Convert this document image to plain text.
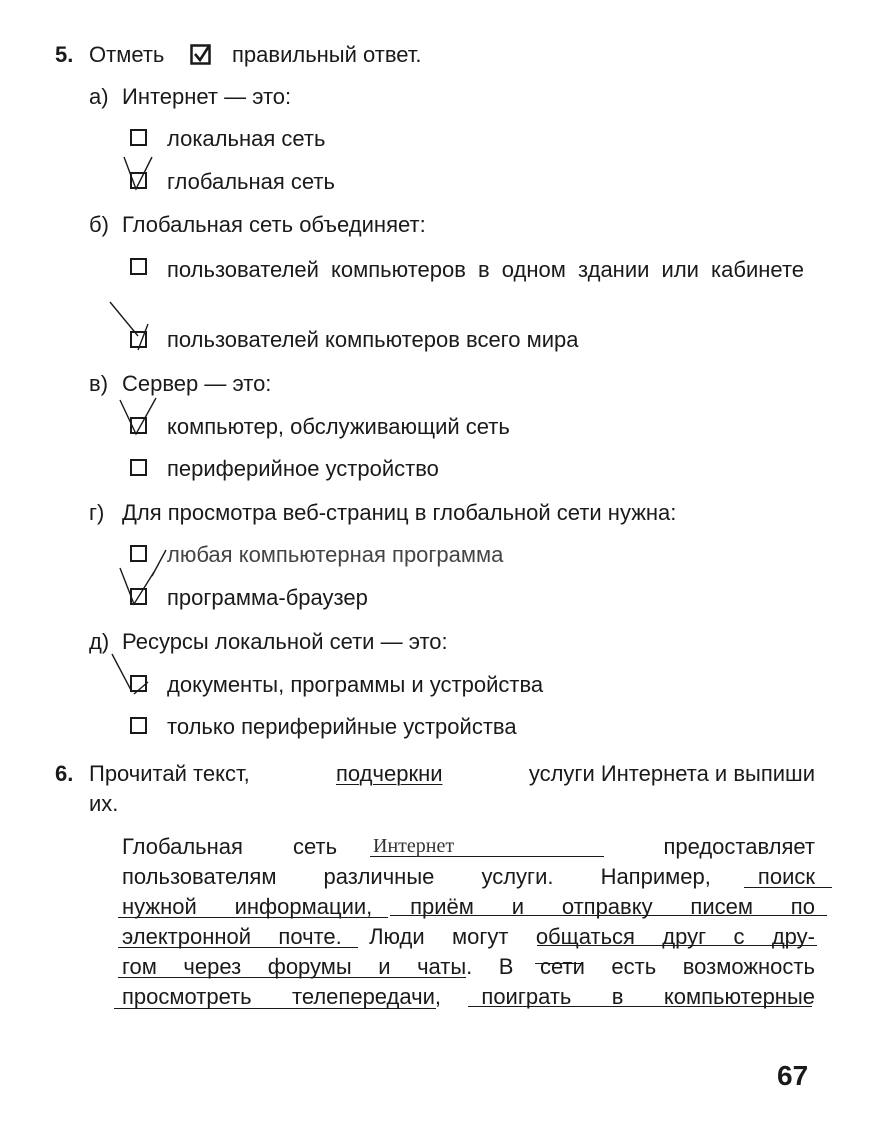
5. Отметь	правильный ответ.
а) Интернет — это:
локальная сеть
глобальная сеть
б) Глобальная сеть объединяет:
пользователей компьютеров в одном здании или кабинете
пользователей компьютеров всего мира
в) Сервер — это:
компьютер, обслуживающий сеть
периферийное устройство
г) Для просмотра веб-страниц в глобальной сети нужна:
любая компьютерная программа
программа-браузер
д) Ресурсы локальной сети — это:
документы, программы и устройства
только периферийные устройства
6. Прочитай текст,	подчеркни	услуги Интернета и выпиши
их.
Глобальная сеть	предоставляет
Интернет
пользователям различные услуги. Например, поиск
нужной информации, приём и отправку писем по
электронной почте. Люди могут общаться друг с дру-
гом через форумы и чаты. В сети есть возможность
просмотреть телепередачи, поиграть в компьютерные
67
